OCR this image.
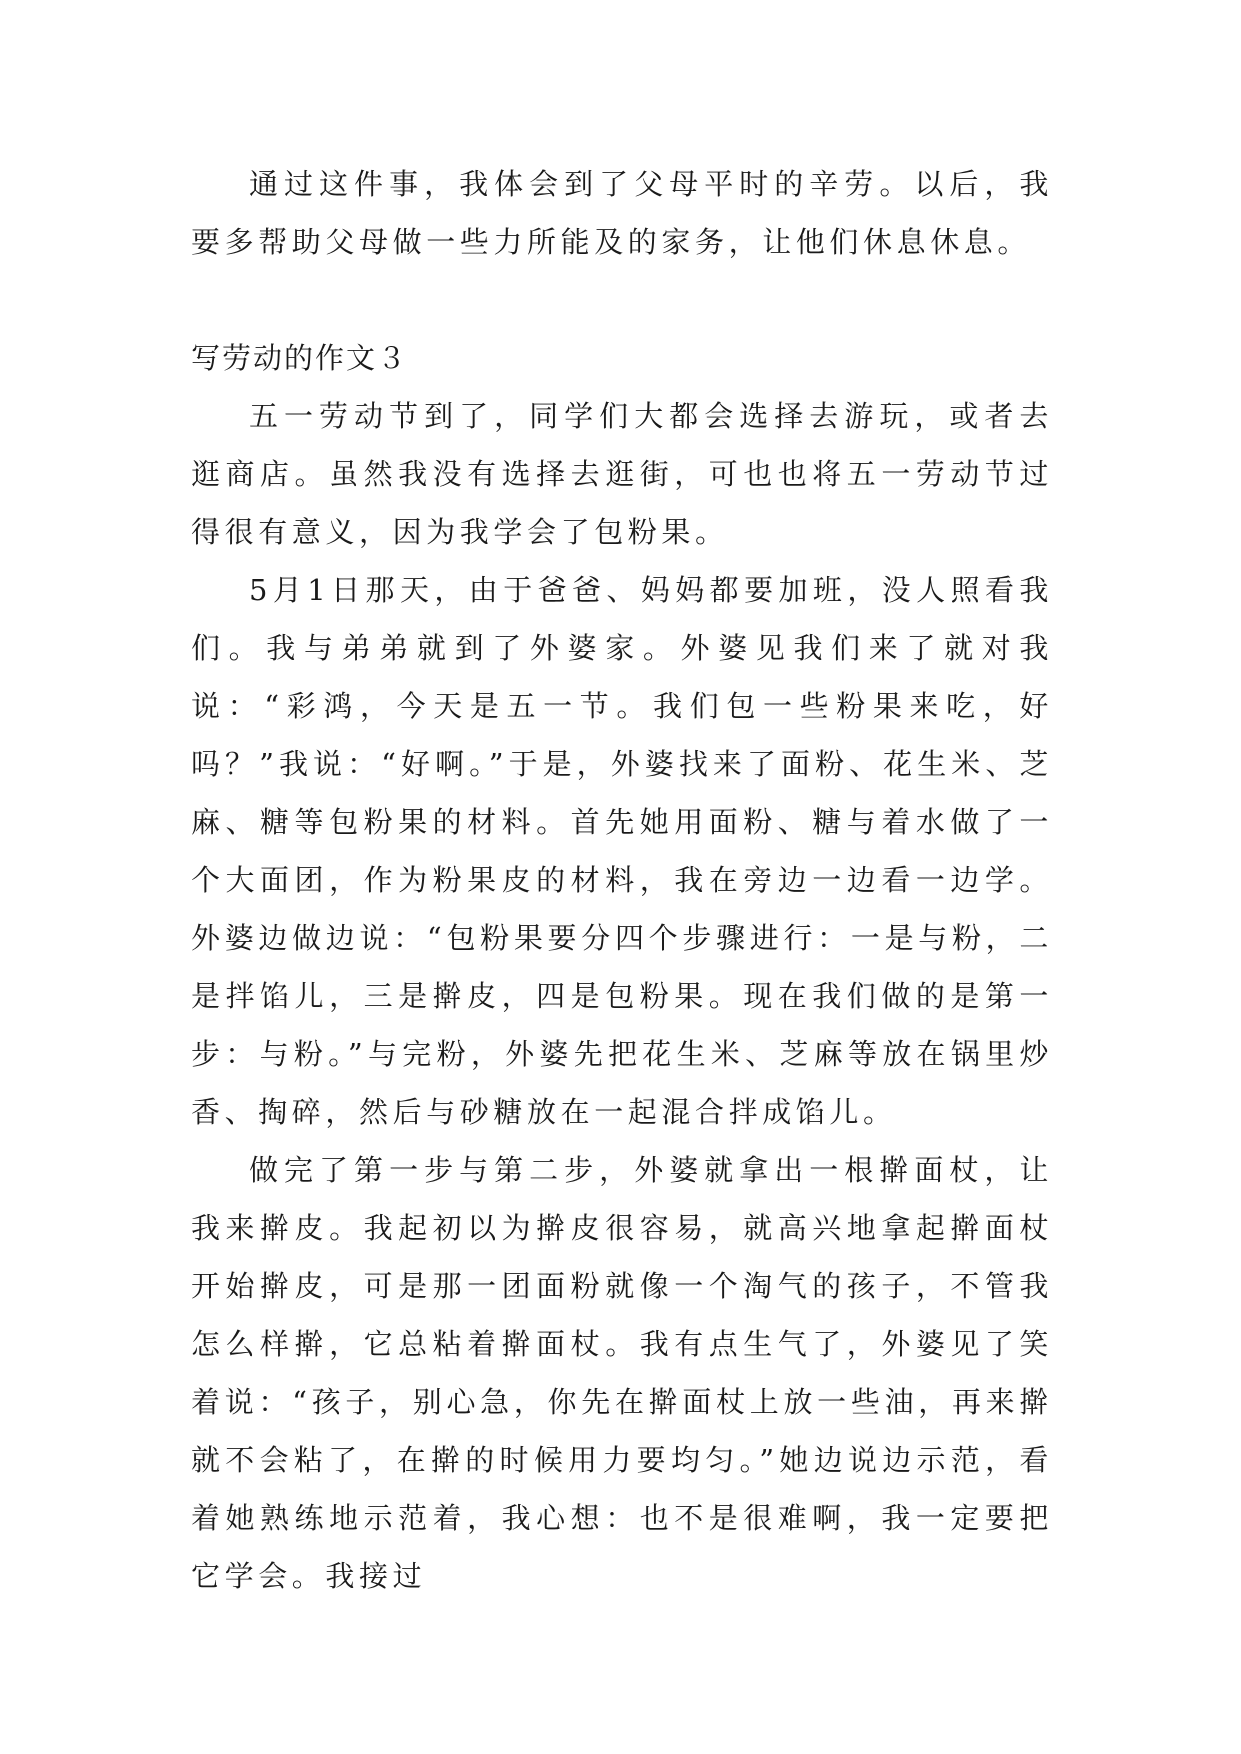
通过这件事，我体会到了父母平时的辛劳。以后，我要多帮助父母做一些力所能及的家务，让他们休息休息。

写劳动的作文３

五一劳动节到了，同学们大都会选择去游玩，或者去逛商店。虽然我没有选择去逛街，可也也将五一劳动节过得很有意义，因为我学会了包粉果。

5月1日那天，由于爸爸、妈妈都要加班，没人照看我们。我与弟弟就到了外婆家。外婆见我们来了就对我说：“彩鸿，今天是五一节。我们包一些粉果来吃，好吗？”我说：“好啊。”于是，外婆找来了面粉、花生米、芝麻、糖等包粉果的材料。首先她用面粉、糖与着水做了一个大面团，作为粉果皮的材料，我在旁边一边看一边学。外婆边做边说：“包粉果要分四个步骤进行：一是与粉，二是拌馅儿，三是擀皮，四是包粉果。现在我们做的是第一步：与粉。”与完粉，外婆先把花生米、芝麻等放在锅里炒香、掏碎，然后与砂糖放在一起混合拌成馅儿。

做完了第一步与第二步，外婆就拿出一根擀面杖，让我来擀皮。我起初以为擀皮很容易，就高兴地拿起擀面杖开始擀皮，可是那一团面粉就像一个淘气的孩子，不管我怎么样擀，它总粘着擀面杖。我有点生气了，外婆见了笑着说：“孩子，别心急，你先在擀面杖上放一些油，再来擀就不会粘了，在擀的时候用力要均匀。”她边说边示范，看着她熟练地示范着，我心想：也不是很难啊，我一定要把它学会。我接过
